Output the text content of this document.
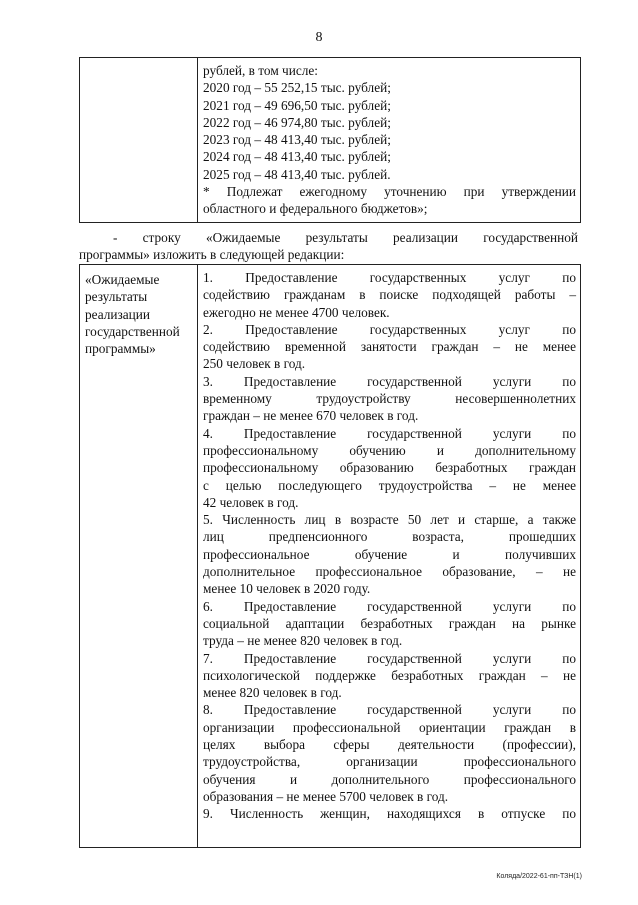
8

рублей, в том числе:
2020 год – 55 252,15 тыс. рублей;
2021 год – 49 696,50 тыс. рублей;
2022 год – 46 974,80 тыс. рублей;
2023 год – 48 413,40 тыс. рублей;
2024 год – 48 413,40 тыс. рублей;
2025 год – 48 413,40 тыс. рублей.
* Подлежат ежегодному уточнению при утверждении
областного и федерального бюджетов»;
- строку «Ожидаемые результаты реализации государственной
программы» изложить в следующей редакции:
«Ожидаемые
результаты
реализации
государственной
программы»

1. Предоставление государственных услуг по
содействию гражданам в поиске подходящей работы –
ежегодно не менее 4700 человек.
2. Предоставление государственных услуг по
содействию временной занятости граждан – не менее
250 человек в год.
3. Предоставление государственной услуги по
временному трудоустройству несовершеннолетних
граждан – не менее 670 человек в год.
4. Предоставление государственной услуги по
профессиональному обучению и дополнительному
профессиональному образованию безработных граждан
с целью последующего трудоустройства – не менее
42 человек в год.
5. Численность лиц в возрасте 50 лет и старше, а также
лиц предпенсионного возраста, прошедших
профессиональное обучение и получивших
дополнительное профессиональное образование, – не
менее 10 человек в 2020 году.
6. Предоставление государственной услуги по
социальной адаптации безработных граждан на рынке
труда – не менее 820 человек в год.
7. Предоставление государственной услуги по
психологической поддержке безработных граждан – не
менее 820 человек в год.
8. Предоставление государственной услуги по
организации профессиональной ориентации граждан в
целях выбора сферы деятельности (профессии),
трудоустройства, организации профессионального
обучения и дополнительного профессионального
образования – не менее 5700 человек в год.
9. Численность женщин, находящихся в отпуске по
Коляда/2022-61-пп-ТЗН(1)
